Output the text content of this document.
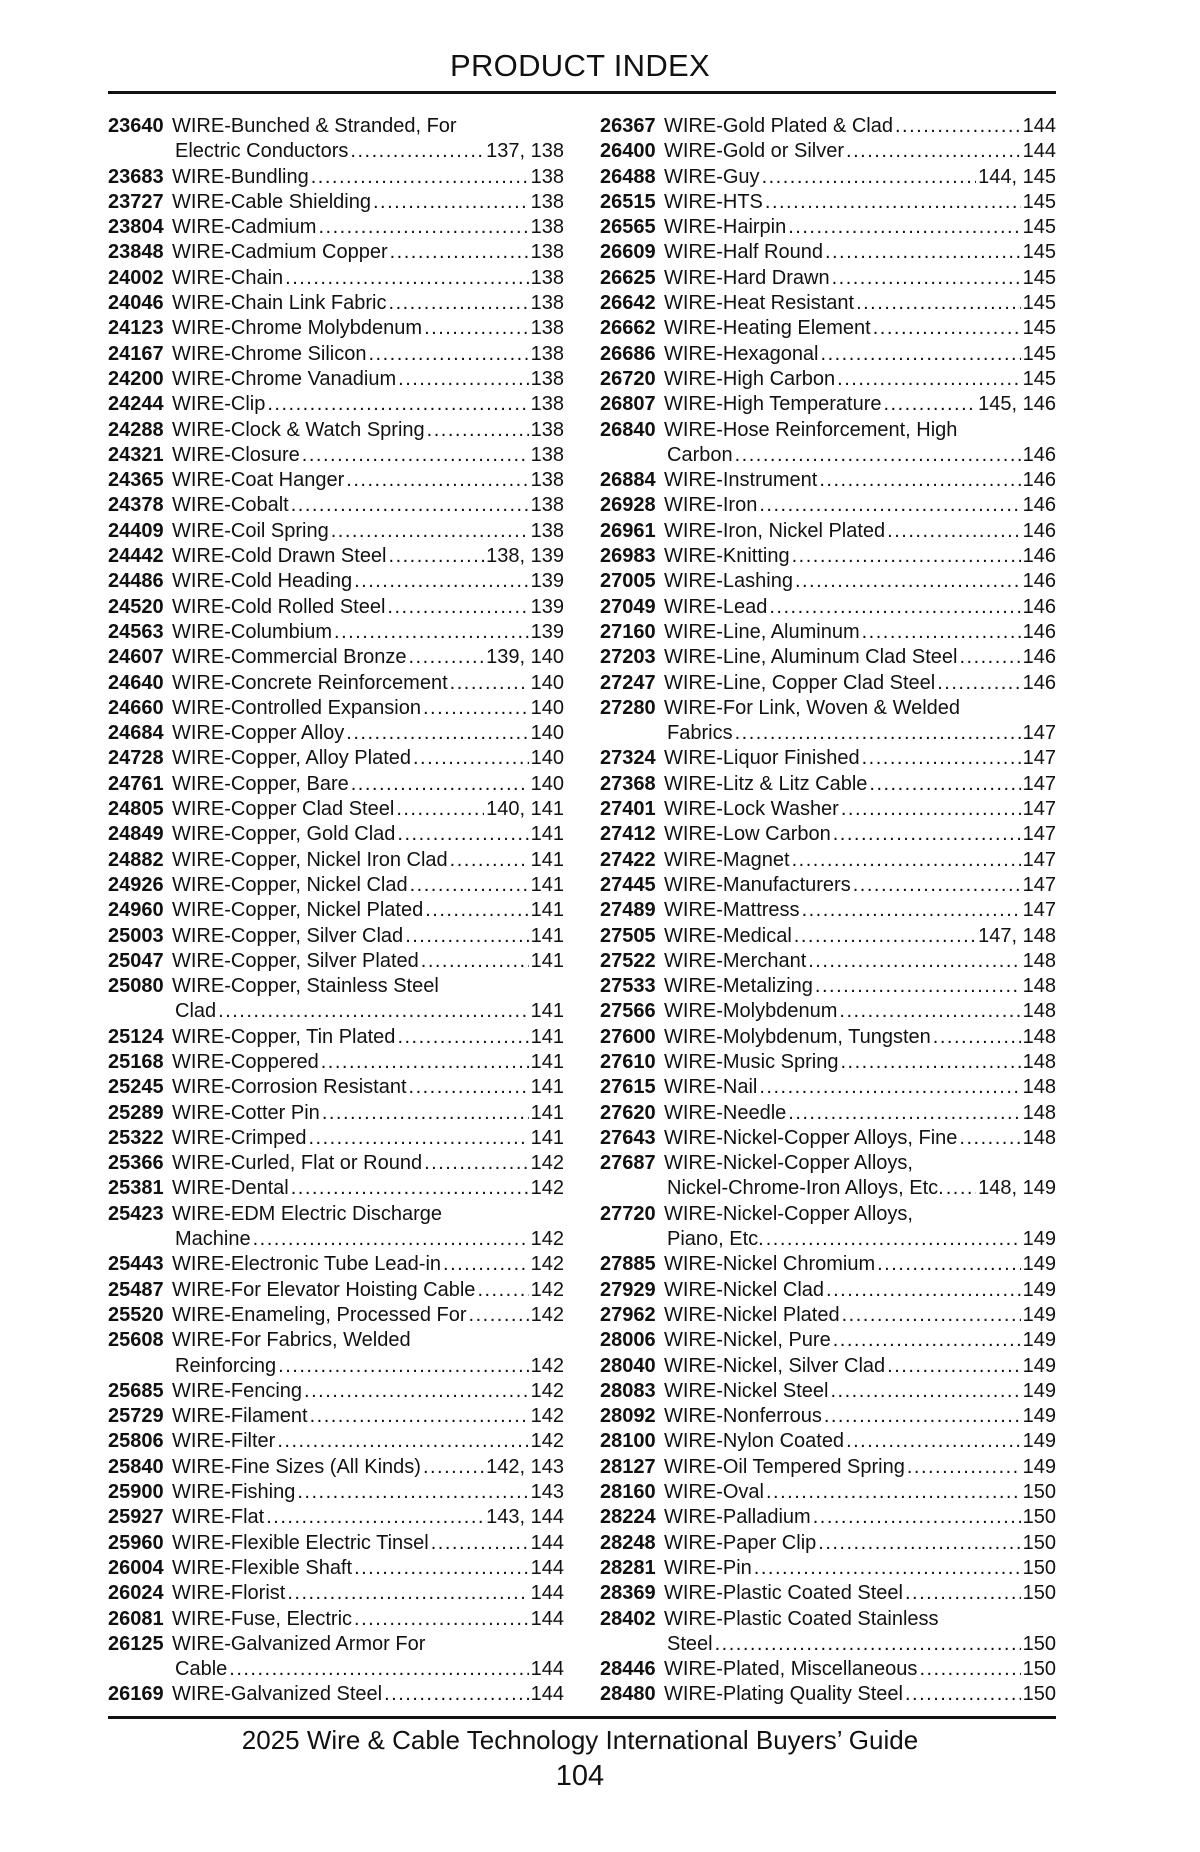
PRODUCT INDEX
23640 WIRE-Bunched & Stranded, For
Electric Conductors .....	137, 138
23683 WIRE-Bundling .....	138
23727 WIRE-Cable Shielding .....	138
23804 WIRE-Cadmium .....	138
23848 WIRE-Cadmium Copper .....	138
24002 WIRE-Chain .....	138
24046 WIRE-Chain Link Fabric .....	138
24123 WIRE-Chrome Molybdenum .....	138
24167 WIRE-Chrome Silicon .....	138
24200 WIRE-Chrome Vanadium .....	138
24244 WIRE-Clip .....	138
24288 WIRE-Clock & Watch Spring .....	138
24321 WIRE-Closure .....	138
24365 WIRE-Coat Hanger .....	138
24378 WIRE-Cobalt .....	138
24409 WIRE-Coil Spring .....	138
24442 WIRE-Cold Drawn Steel .....	138, 139
24486 WIRE-Cold Heading .....	139
24520 WIRE-Cold Rolled Steel .....	139
24563 WIRE-Columbium .....	139
24607 WIRE-Commercial Bronze .....	139, 140
24640 WIRE-Concrete Reinforcement .....	140
24660 WIRE-Controlled Expansion .....	140
24684 WIRE-Copper Alloy .....	140
24728 WIRE-Copper, Alloy Plated .....	140
24761 WIRE-Copper, Bare .....	140
24805 WIRE-Copper Clad Steel .....	140, 141
24849 WIRE-Copper, Gold Clad .....	141
24882 WIRE-Copper, Nickel Iron Clad .....	141
24926 WIRE-Copper, Nickel Clad .....	141
24960 WIRE-Copper, Nickel Plated .....	141
25003 WIRE-Copper, Silver Clad .....	141
25047 WIRE-Copper, Silver Plated .....	141
25080 WIRE-Copper, Stainless Steel
Clad .....	141
25124 WIRE-Copper, Tin Plated .....	141
25168 WIRE-Coppered .....	141
25245 WIRE-Corrosion Resistant .....	141
25289 WIRE-Cotter Pin .....	141
25322 WIRE-Crimped .....	141
25366 WIRE-Curled, Flat or Round .....	142
25381 WIRE-Dental .....	142
25423 WIRE-EDM Electric Discharge
Machine .....	142
25443 WIRE-Electronic Tube Lead-in .....	142
25487 WIRE-For Elevator Hoisting Cable .....	142
25520 WIRE-Enameling, Processed For .....	142
25608 WIRE-For Fabrics, Welded
Reinforcing .....	142
25685 WIRE-Fencing .....	142
25729 WIRE-Filament .....	142
25806 WIRE-Filter .....	142
25840 WIRE-Fine Sizes (All Kinds) .....	142, 143
25900 WIRE-Fishing .....	143
25927 WIRE-Flat .....	143, 144
25960 WIRE-Flexible Electric Tinsel .....	144
26004 WIRE-Flexible Shaft .....	144
26024 WIRE-Florist .....	144
26081 WIRE-Fuse, Electric .....	144
26125 WIRE-Galvanized Armor For
Cable .....	144
26169 WIRE-Galvanized Steel .....	144
26367 WIRE-Gold Plated & Clad .....	144
26400 WIRE-Gold or Silver .....	144
26488 WIRE-Guy .....	144, 145
26515 WIRE-HTS .....	145
26565 WIRE-Hairpin .....	145
26609 WIRE-Half Round .....	145
26625 WIRE-Hard Drawn .....	145
26642 WIRE-Heat Resistant .....	145
26662 WIRE-Heating Element .....	145
26686 WIRE-Hexagonal .....	145
26720 WIRE-High Carbon .....	145
26807 WIRE-High Temperature .....	145, 146
26840 WIRE-Hose Reinforcement, High
Carbon .....	146
26884 WIRE-Instrument .....	146
26928 WIRE-Iron .....	146
26961 WIRE-Iron, Nickel Plated .....	146
26983 WIRE-Knitting .....	146
27005 WIRE-Lashing .....	146
27049 WIRE-Lead .....	146
27160 WIRE-Line, Aluminum .....	146
27203 WIRE-Line, Aluminum Clad Steel .....	146
27247 WIRE-Line, Copper Clad Steel .....	146
27280 WIRE-For Link, Woven & Welded
Fabrics .....	147
27324 WIRE-Liquor Finished .....	147
27368 WIRE-Litz & Litz Cable .....	147
27401 WIRE-Lock Washer .....	147
27412 WIRE-Low Carbon .....	147
27422 WIRE-Magnet .....	147
27445 WIRE-Manufacturers .....	147
27489 WIRE-Mattress .....	147
27505 WIRE-Medical .....	147, 148
27522 WIRE-Merchant .....	148
27533 WIRE-Metalizing .....	148
27566 WIRE-Molybdenum .....	148
27600 WIRE-Molybdenum, Tungsten .....	148
27610 WIRE-Music Spring .....	148
27615 WIRE-Nail .....	148
27620 WIRE-Needle .....	148
27643 WIRE-Nickel-Copper Alloys, Fine .....	148
27687 WIRE-Nickel-Copper Alloys,
Nickel-Chrome-Iron Alloys, Etc. ..... 148, 149
27720 WIRE-Nickel-Copper Alloys,
Piano, Etc. .....	149
27885 WIRE-Nickel Chromium .....	149
27929 WIRE-Nickel Clad .....	149
27962 WIRE-Nickel Plated .....	149
28006 WIRE-Nickel, Pure .....	149
28040 WIRE-Nickel, Silver Clad .....	149
28083 WIRE-Nickel Steel .....	149
28092 WIRE-Nonferrous .....	149
28100 WIRE-Nylon Coated .....	149
28127 WIRE-Oil Tempered Spring .....	149
28160 WIRE-Oval .....	150
28224 WIRE-Palladium .....	150
28248 WIRE-Paper Clip .....	150
28281 WIRE-Pin .....	150
28369 WIRE-Plastic Coated Steel .....	150
28402 WIRE-Plastic Coated Stainless
Steel .....	150
28446 WIRE-Plated, Miscellaneous .....	150
28480 WIRE-Plating Quality Steel .....	150
2025 Wire & Cable Technology International Buyers’ Guide
104
